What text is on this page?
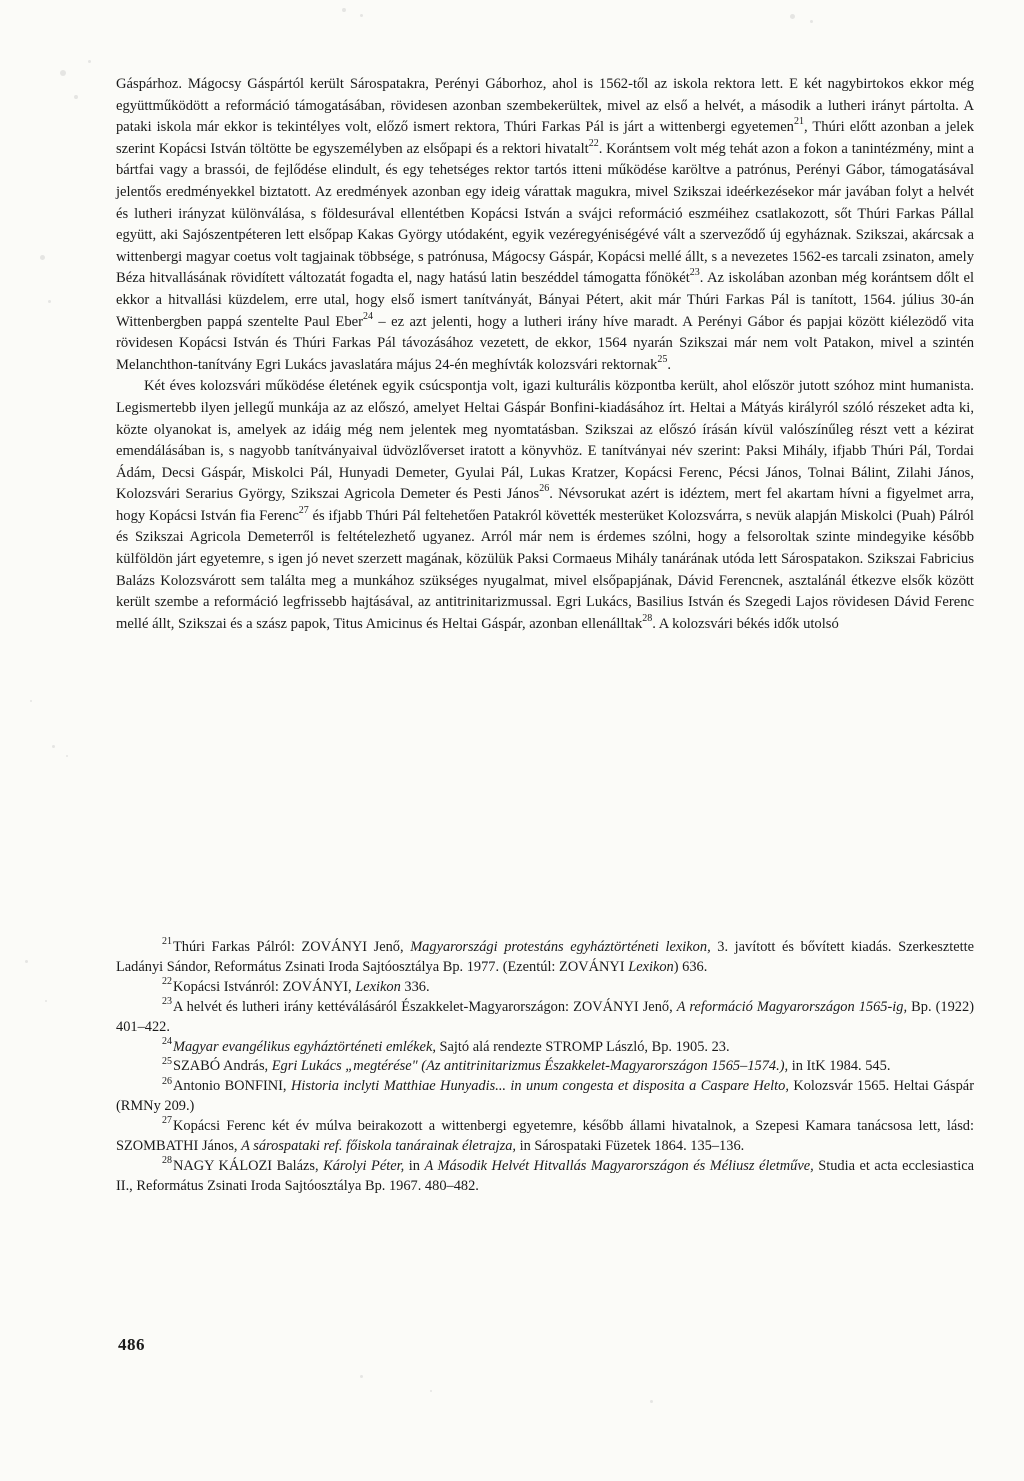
Gáspárhoz. Mágocsy Gáspártól került Sárospatakra, Perényi Gáborhoz, ahol is 1562-től az iskola rektora lett. E két nagybirtokos ekkor még együttműködött a reformáció támogatásában, rövidesen azonban szembekerültek, mivel az első a helvét, a második a lutheri irányt pártolta. A pataki iskola már ekkor is tekintélyes volt, előző ismert rektora, Thúri Farkas Pál is járt a wittenbergi egyetemen$^{21}$, Thúri előtt azonban a jelek szerint Kopácsi István töltötte be egyszemélyben az elsőpapi és a rektori hivatalt$^{22}$. Korántsem volt még tehát azon a fokon a tanintézmény, mint a bártfai vagy a brassói, de fejlődése elindult, és egy tehetséges rektor tartós itteni működése karöltve a patrónus, Perényi Gábor, támogatásával jelentős eredményekkel biztatott. Az eredmények azonban egy ideig várattak magukra, mivel Szikszai ideérkezésekor már javában folyt a helvét és lutheri irányzat különválása, s földesurával ellentétben Kopácsi István a svájci reformáció eszméihez csatlakozott, sőt Thúri Farkas Pállal együtt, aki Sajószentpéteren lett elsőpap Kakas György utódaként, egyik vezéregyéniségévé vált a szerveződő új egyháznak. Szikszai, akárcsak a wittenbergi magyar coetus volt tagjainak többsége, s patrónusa, Mágocsy Gáspár, Kopácsi mellé állt, s a nevezetes 1562-es tarcali zsinaton, amely Béza hitvallásának rövidített változatát fogadta el, nagy hatású latin beszéddel támogatta főnökét$^{23}$. Az iskolában azonban még korántsem dőlt el ekkor a hitvallási küzdelem, erre utal, hogy első ismert tanítványát, Bányai Pétert, akit már Thúri Farkas Pál is tanított, 1564. július 30-án Wittenbergben pappá szentelte Paul Eber$^{24}$ – ez azt jelenti, hogy a lutheri irány híve maradt. A Perényi Gábor és papjai között kiélezödő vita rövidesen Kopácsi István és Thúri Farkas Pál távozásához vezetett, de ekkor, 1564 nyarán Szikszai már nem volt Patakon, mivel a szintén Melanchthon-tanítvány Egri Lukács javaslatára május 24-én meghívták kolozsvári rektornak$^{25}$.

Két éves kolozsvári működése életének egyik csúcspontja volt, igazi kulturális központba került, ahol először jutott szóhoz mint humanista. Legismertebb ilyen jellegű munkája az az előszó, amelyet Heltai Gáspár Bonfini-kiadásához írt. Heltai a Mátyás királyról szóló részeket adta ki, közte olyanokat is, amelyek az idáig még nem jelentek meg nyomtatásban. Szikszai az előszó írásán kívül valószínűleg részt vett a kézirat emendálásában is, s nagyobb tanítványaival üdvözlőverset iratott a könyvhöz. E tanítványai név szerint: Paksi Mihály, ifjabb Thúri Pál, Tordai Ádám, Decsi Gáspár, Miskolci Pál, Hunyadi Demeter, Gyulai Pál, Lukas Kratzer, Kopácsi Ferenc, Pécsi János, Tolnai Bálint, Zilahi János, Kolozsvári Serarius György, Szikszai Agricola Demeter és Pesti János$^{26}$. Névsorukat azért is idéztem, mert fel akartam hívni a figyelmet arra, hogy Kopácsi István fia Ferenc$^{27}$ és ifjabb Thúri Pál feltehetően Patakról követték mesterüket Kolozsvárra, s nevük alapján Miskolci (Puah) Pálról és Szikszai Agricola Demeterről is feltételezhető ugyanez. Arról már nem is érdemes szólni, hogy a felsoroltak szinte mindegyike később külföldön járt egyetemre, s igen jó nevet szerzett magának, közülük Paksi Cormaeus Mihály tanárának utóda lett Sárospatakon. Szikszai Fabricius Balázs Kolozsvárott sem találta meg a munkához szükséges nyugalmat, mivel elsőpapjának, Dávid Ferencnek, asztalánál étkezve elsők között került szembe a reformáció legfrissebb hajtásával, az antitrinitarizmussal. Egri Lukács, Basilius István és Szegedi Lajos rövidesen Dávid Ferenc mellé állt, Szikszai és a szász papok, Titus Amicinus és Heltai Gáspár, azonban ellenálltak$^{28}$. A kolozsvári békés idők utolsó

$^{21}$Thúri Farkas Pálról: ZOVÁNYI Jenő, Magyarországi protestáns egyháztörténeti lexikon, 3. javított és bővített kiadás. Szerkesztette Ladányi Sándor, Református Zsinati Iroda Sajtóosztálya Bp. 1977. (Ezentúl: ZOVÁNYI Lexikon) 636.

$^{22}$Kopácsi Istvánról: ZOVÁNYI, Lexikon 336.

$^{23}$A helvét és lutheri irány kettéválásáról Északkelet-Magyarországon: ZOVÁNYI Jenő, A reformáció Magyarországon 1565-ig, Bp. (1922) 401–422.

$^{24}$Magyar evangélikus egyháztörténeti emlékek, Sajtó alá rendezte STROMP László, Bp. 1905. 23.

$^{25}$SZABÓ András, Egri Lukács „megtérése" (Az antitrinitarizmus Északkelet-Magyarországon 1565–1574.), in ItK 1984. 545.

$^{26}$Antonio BONFINI, Historia inclyti Matthiae Hunyadis... in unum congesta et disposita a Caspare Helto, Kolozsvár 1565. Heltai Gáspár (RMNy 209.)

$^{27}$Kopácsi Ferenc két év múlva beirakozott a wittenbergi egyetemre, később állami hivatalnok, a Szepesi Kamara tanácsosa lett, lásd: SZOMBATHI János, A sárospataki ref. főiskola tanárainak életrajza, in Sárospataki Füzetek 1864. 135–136.

$^{28}$NAGY KÁLOZI Balázs, Károlyi Péter, in A Második Helvét Hitvallás Magyarországon és Méliusz életműve, Studia et acta ecclesiastica II., Református Zsinati Iroda Sajtóosztálya Bp. 1967. 480–482.

486
